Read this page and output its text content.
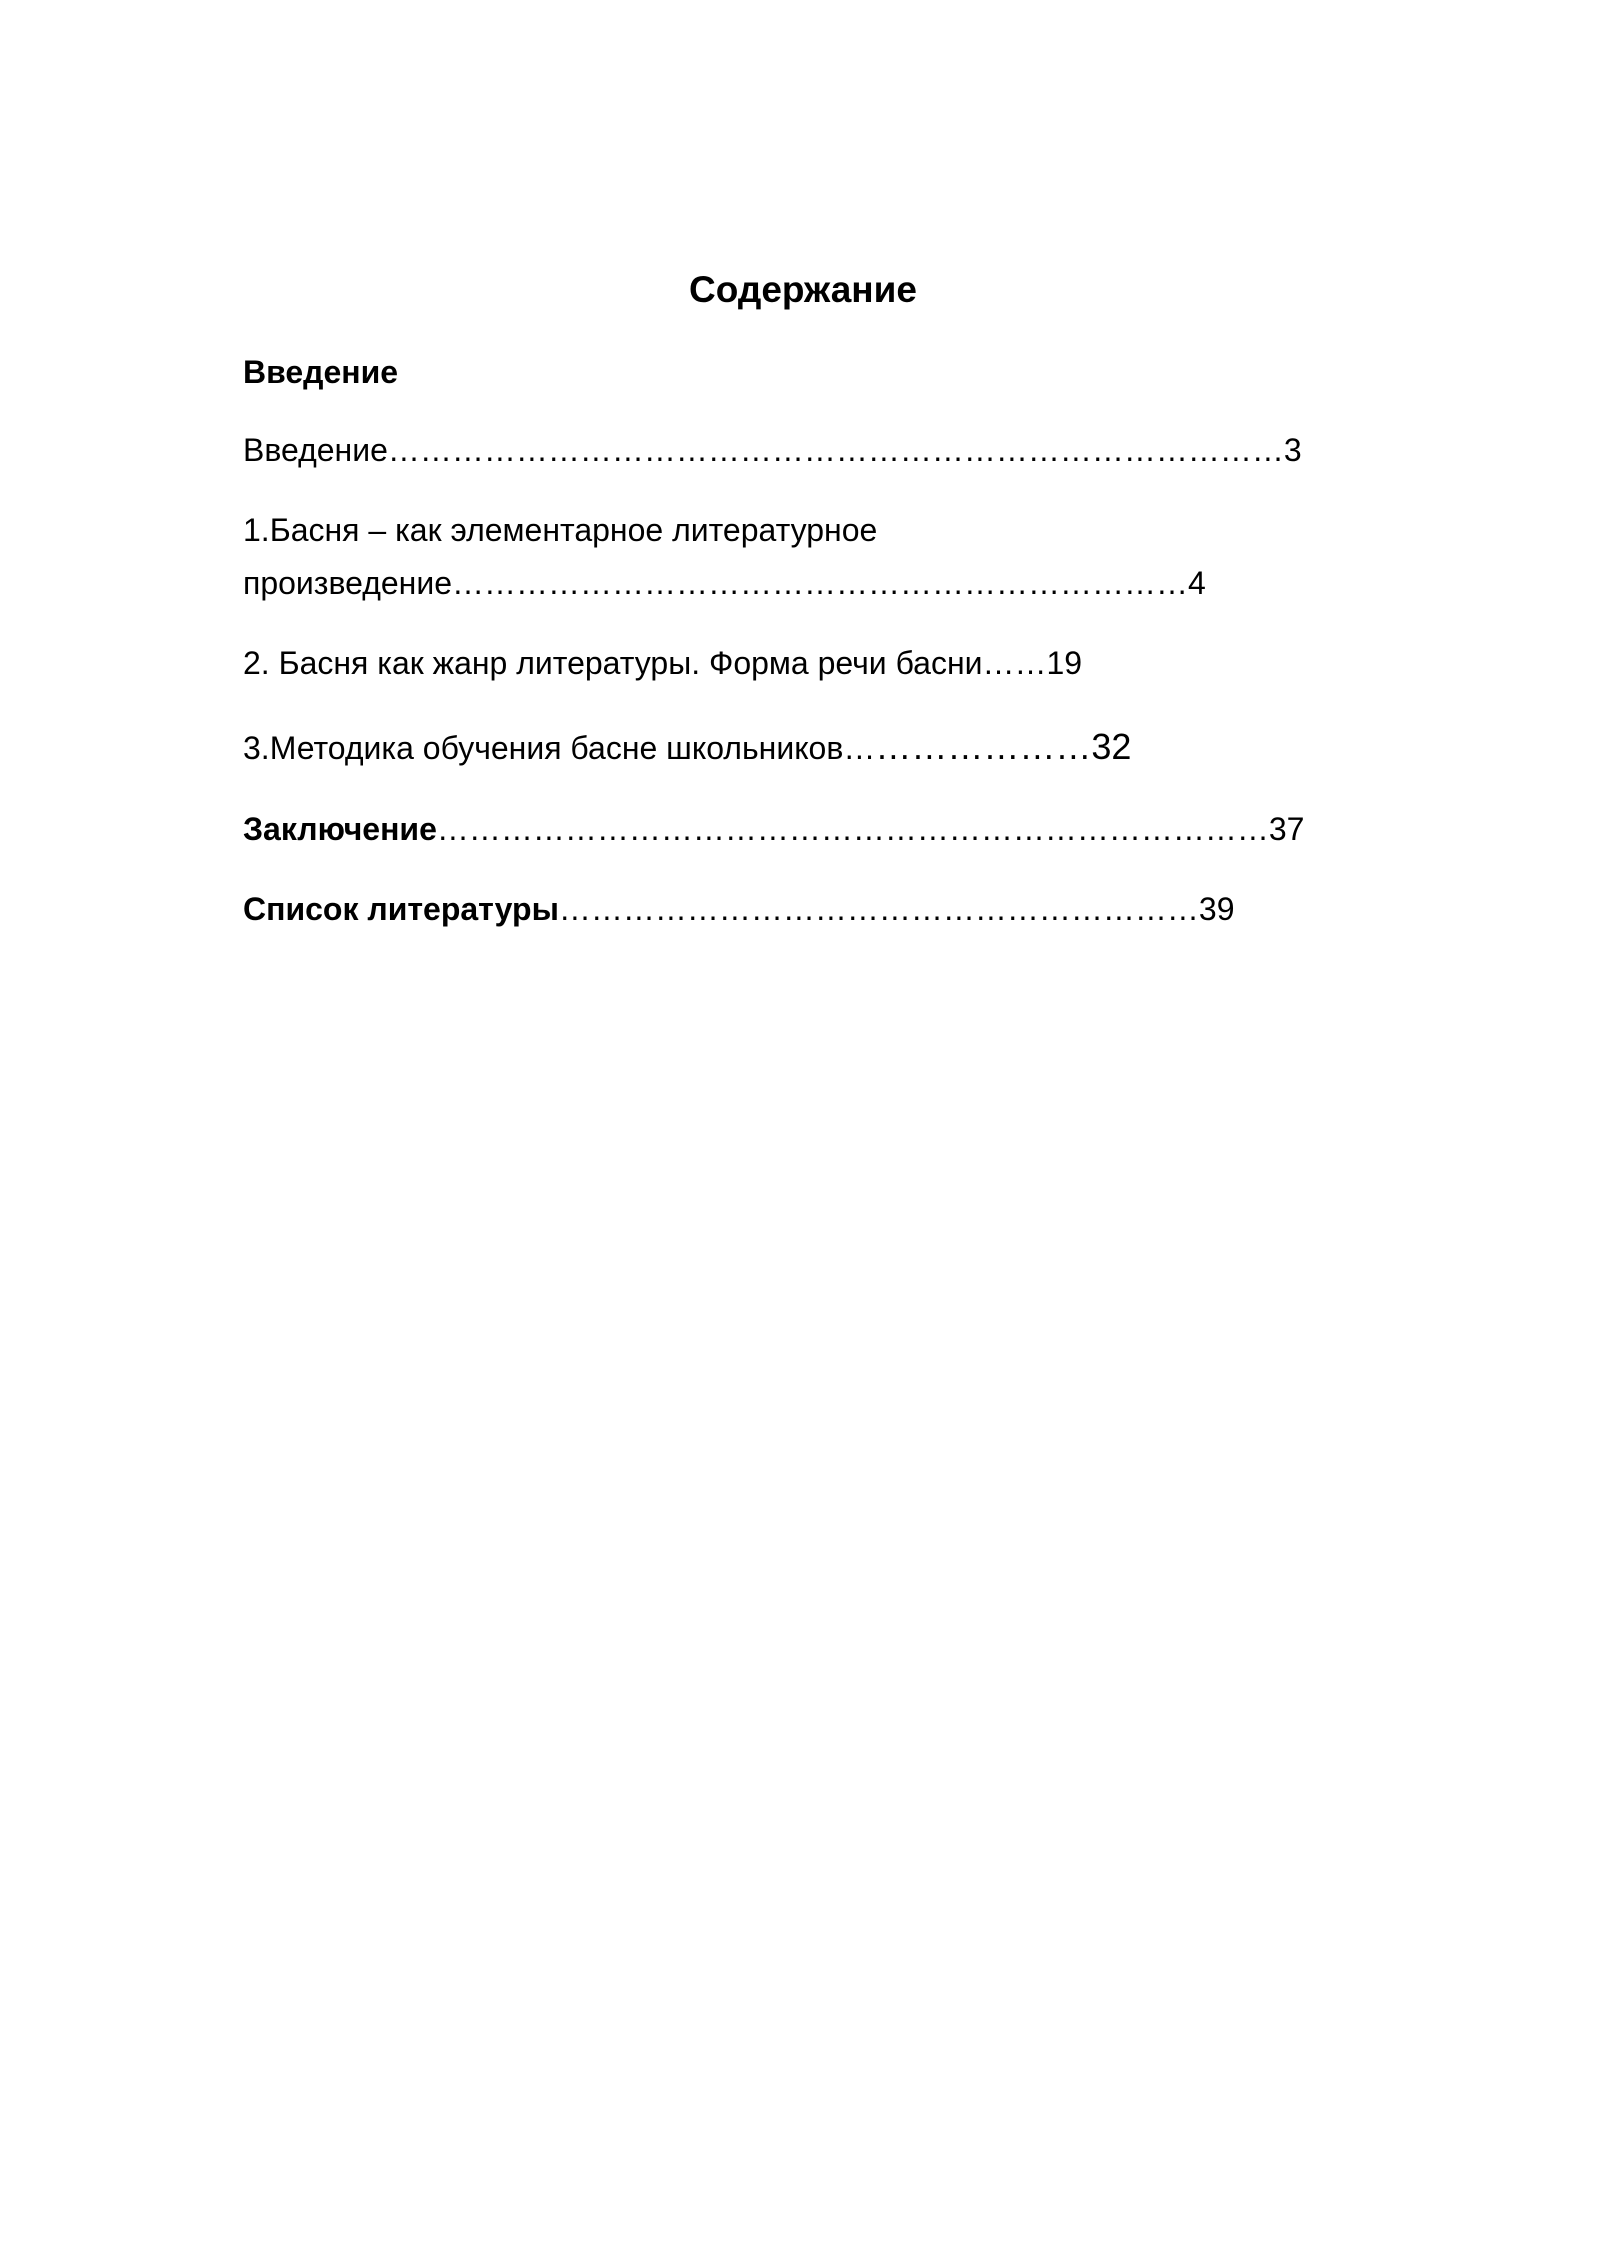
Содержание
Введение
Введение…………………………………………………………………………3
1.Басня – как элементарное литературное
произведение……………………………………………………………4
2. Басня как жанр литературы. Форма речи басни……19
3.Методика обучения басне школьников…………………32
Заключение……………………………………………………………………37
Список литературы……………………………………………………39
